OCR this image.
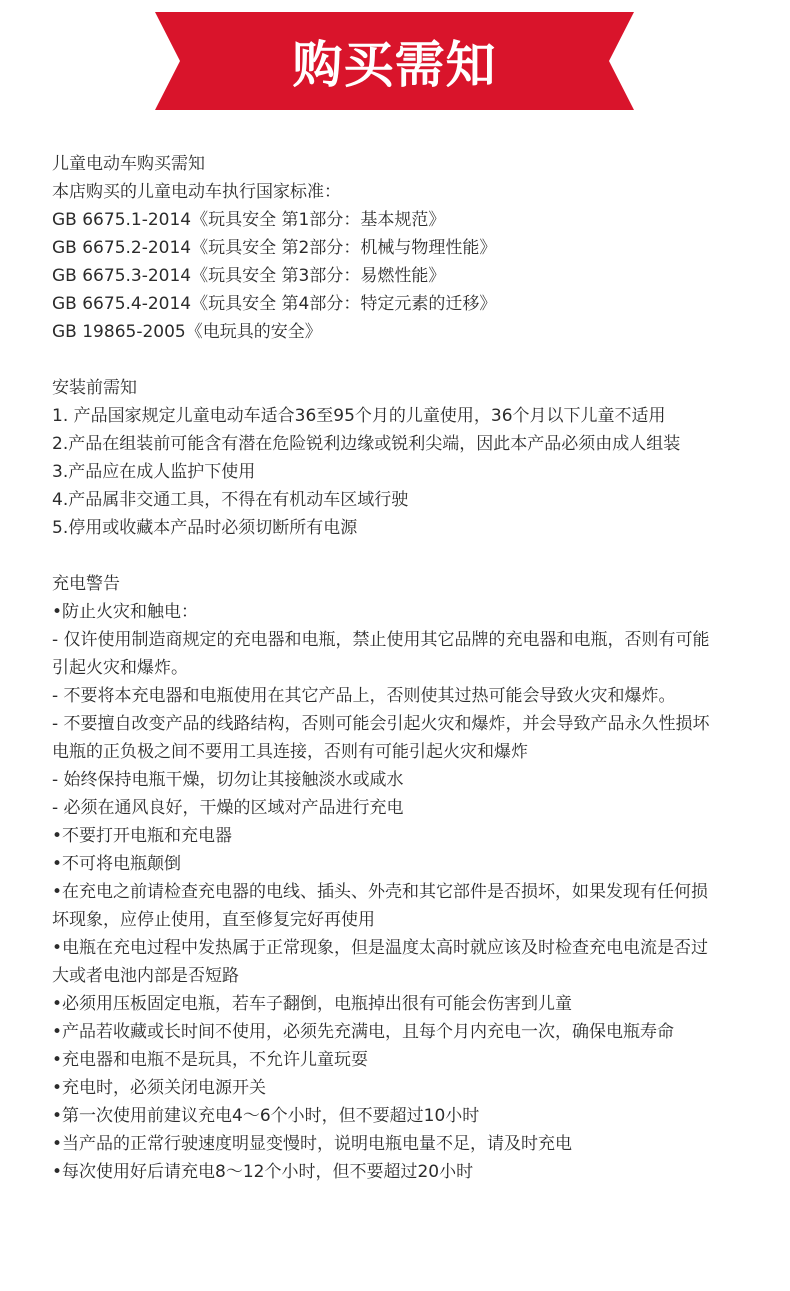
购买需知
儿童电动车购买需知
本店购买的儿童电动车执行国家标准：
GB 6675.1-2014《玩具安全 第1部分：基本规范》
GB 6675.2-2014《玩具安全 第2部分：机械与物理性能》
GB 6675.3-2014《玩具安全 第3部分：易燃性能》
GB 6675.4-2014《玩具安全 第4部分：特定元素的迁移》
GB 19865-2005《电玩具的安全》
安装前需知
1. 产品国家规定儿童电动车适合36至95个月的儿童使用，36个月以下儿童不适用
2.产品在组装前可能含有潜在危险锐利边缘或锐利尖端，因此本产品必须由成人组装
3.产品应在成人监护下使用
4.产品属非交通工具，不得在有机动车区域行驶
5.停用或收藏本产品时必须切断所有电源
充电警告
•防止火灾和触电：
- 仅许使用制造商规定的充电器和电瓶，禁止使用其它品牌的充电器和电瓶，否则有可能
引起火灾和爆炸。
- 不要将本充电器和电瓶使用在其它产品上，否则使其过热可能会导致火灾和爆炸。
- 不要擅自改变产品的线路结构，否则可能会引起火灾和爆炸，并会导致产品永久性损坏
电瓶的正负极之间不要用工具连接，否则有可能引起火灾和爆炸
- 始终保持电瓶干燥，切勿让其接触淡水或咸水
- 必须在通风良好，干燥的区域对产品进行充电
•不要打开电瓶和充电器
•不可将电瓶颠倒
•在充电之前请检查充电器的电线、插头、外壳和其它部件是否损坏，如果发现有任何损
坏现象，应停止使用，直至修复完好再使用
•电瓶在充电过程中发热属于正常现象，但是温度太高时就应该及时检查充电电流是否过
大或者电池内部是否短路
•必须用压板固定电瓶，若车子翻倒，电瓶掉出很有可能会伤害到儿童
•产品若收藏或长时间不使用，必须先充满电，且每个月内充电一次，确保电瓶寿命
•充电器和电瓶不是玩具，不允许儿童玩耍
•充电时，必须关闭电源开关
•第一次使用前建议充电4～6个小时，但不要超过10小时
•当产品的正常行驶速度明显变慢时，说明电瓶电量不足，请及时充电
•每次使用好后请充电8～12个小时，但不要超过20小时
